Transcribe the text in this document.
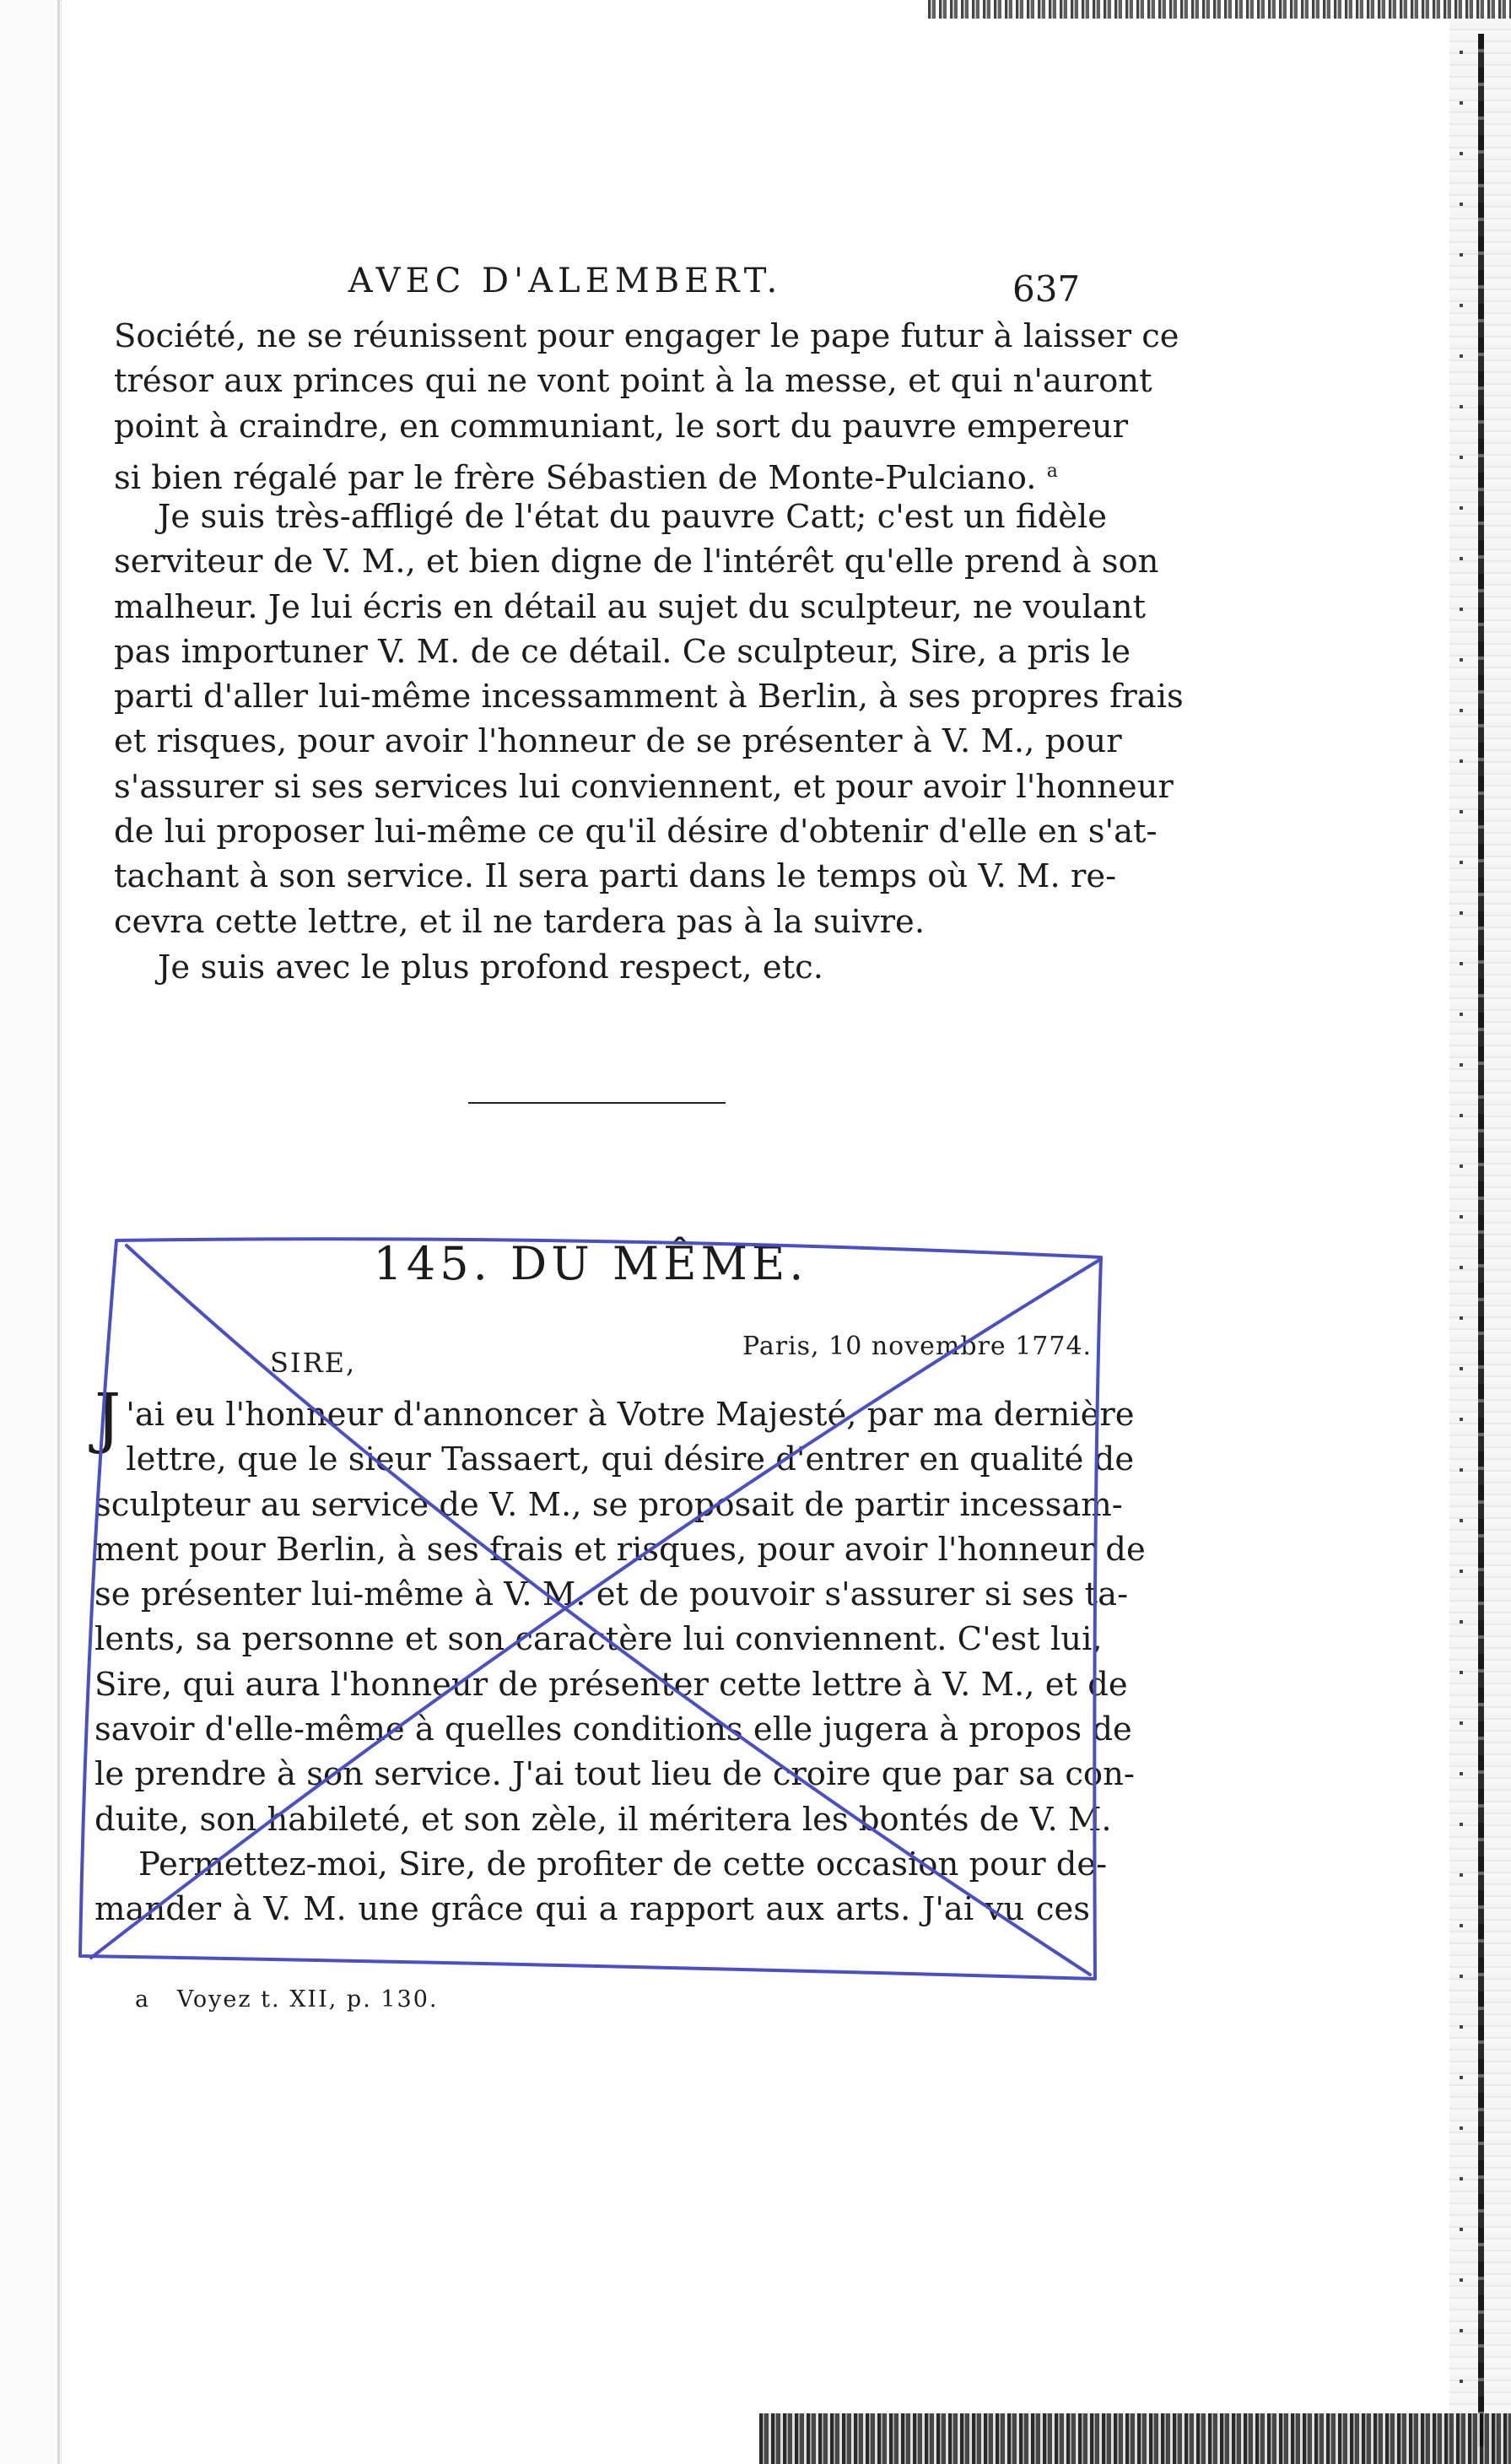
AVEC D'ALEMBERT.	637
Société, ne se réunissent pour engager le pape futur à laisser ce
trésor aux princes qui ne vont point à la messe, et qui n'auront
point à craindre, en communiant, le sort du pauvre empereur
si bien régalé par le frère Sébastien de Monte-Pulciano. $^a$
Je suis très-affligé de l'état du pauvre Catt; c'est un fidèle
serviteur de V. M., et bien digne de l'intérêt qu'elle prend à son
malheur. Je lui écris en détail au sujet du sculpteur, ne voulant
pas importuner V. M. de ce détail. Ce sculpteur, Sire, a pris le
parti d'aller lui-même incessamment à Berlin, à ses propres frais
et risques, pour avoir l'honneur de se présenter à V. M., pour
s'assurer si ses services lui conviennent, et pour avoir l'honneur
de lui proposer lui-même ce qu'il désire d'obtenir d'elle en s'at-
tachant à son service. Il sera parti dans le temps où V. M. re-
cevra cette lettre, et il ne tardera pas à la suivre.
Je suis avec le plus profond respect, etc.
145. DU MÊME.
SIRE,
Paris, 10 novembre 1774.
J 'ai eu l'honneur d'annoncer à Votre Majesté, par ma dernière
lettre, que le sieur Tassaert, qui désire d'entrer en qualité de
sculpteur au service de V. M., se proposait de partir incessam-
ment pour Berlin, à ses frais et risques, pour avoir l'honneur de
se présenter lui-même à V. M. et de pouvoir s'assurer si ses ta-
lents, sa personne et son caractère lui conviennent. C'est lui,
Sire, qui aura l'honneur de présenter cette lettre à V. M., et de
savoir d'elle-même à quelles conditions elle jugera à propos de
le prendre à son service. J'ai tout lieu de croire que par sa con-
duite, son habileté, et son zèle, il méritera les bontés de V. M.
Permettez-moi, Sire, de profiter de cette occasion pour de-
mander à V. M. une grâce qui a rapport aux arts. J'ai vu ces
a Voyez t. XII, p. 130.
